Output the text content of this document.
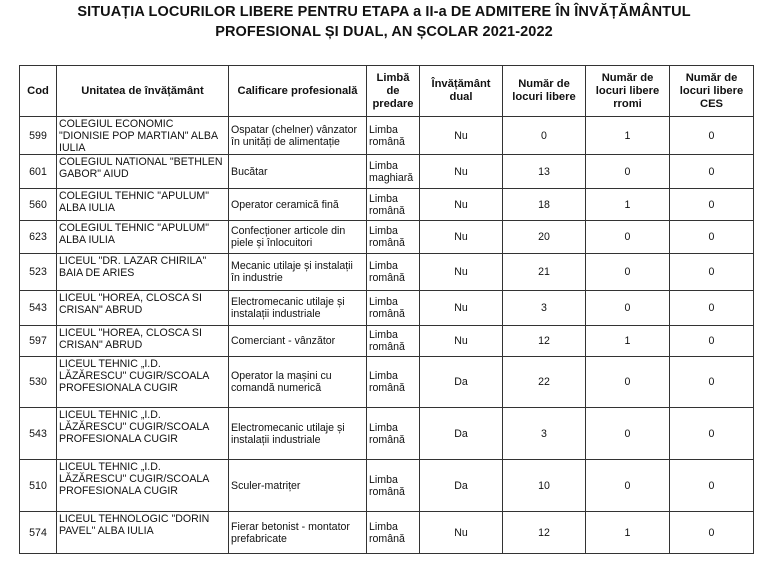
SITUAȚIA LOCURILOR LIBERE PENTRU ETAPA a II-a DE ADMITERE ÎN ÎNVĂȚĂMÂNTUL
PROFESIONAL ȘI DUAL, AN ȘCOLAR 2021-2022
Cod	Unitatea de învățământ	Calificare profesională	Limbă de predare	Învățământ dual	Număr de locuri libere	Număr de locuri libere rromi	Număr de locuri libere CES
599	COLEGIUL ECONOMIC "DIONISIE POP MARTIAN" ALBA IULIA	Ospatar (chelner) vânzator în unități de alimentație	Limba română	Nu	0	1	0
601	COLEGIUL NATIONAL "BETHLEN GABOR" AIUD	Bucătar	Limba maghiară	Nu	13	0	0
560	COLEGIUL TEHNIC "APULUM" ALBA IULIA	Operator ceramică fină	Limba română	Nu	18	1	0
623	COLEGIUL TEHNIC "APULUM" ALBA IULIA	Confecționer articole din piele și înlocuitori	Limba română	Nu	20	0	0
523	LICEUL "DR. LAZAR CHIRILA" BAIA DE ARIES	Mecanic utilaje și instalații în industrie	Limba română	Nu	21	0	0
543	LICEUL "HOREA, CLOSCA SI CRISAN" ABRUD	Electromecanic utilaje și instalații industriale	Limba română	Nu	3	0	0
597	LICEUL "HOREA, CLOSCA SI CRISAN" ABRUD	Comerciant - vânzător	Limba română	Nu	12	1	0
530	LICEUL TEHNIC „I.D. LĂZĂRESCU" CUGIR/SCOALA PROFESIONALA CUGIR	Operator la mașini cu comandă numerică	Limba română	Da	22	0	0
543	LICEUL TEHNIC „I.D. LĂZĂRESCU" CUGIR/SCOALA PROFESIONALA CUGIR	Electromecanic utilaje și instalații industriale	Limba română	Da	3	0	0
510	LICEUL TEHNIC „I.D. LĂZĂRESCU" CUGIR/SCOALA PROFESIONALA CUGIR	Sculer-matrițer	Limba română	Da	10	0	0
574	LICEUL TEHNOLOGIC "DORIN PAVEL" ALBA IULIA	Fierar betonist - montator prefabricate	Limba română	Nu	12	1	0
